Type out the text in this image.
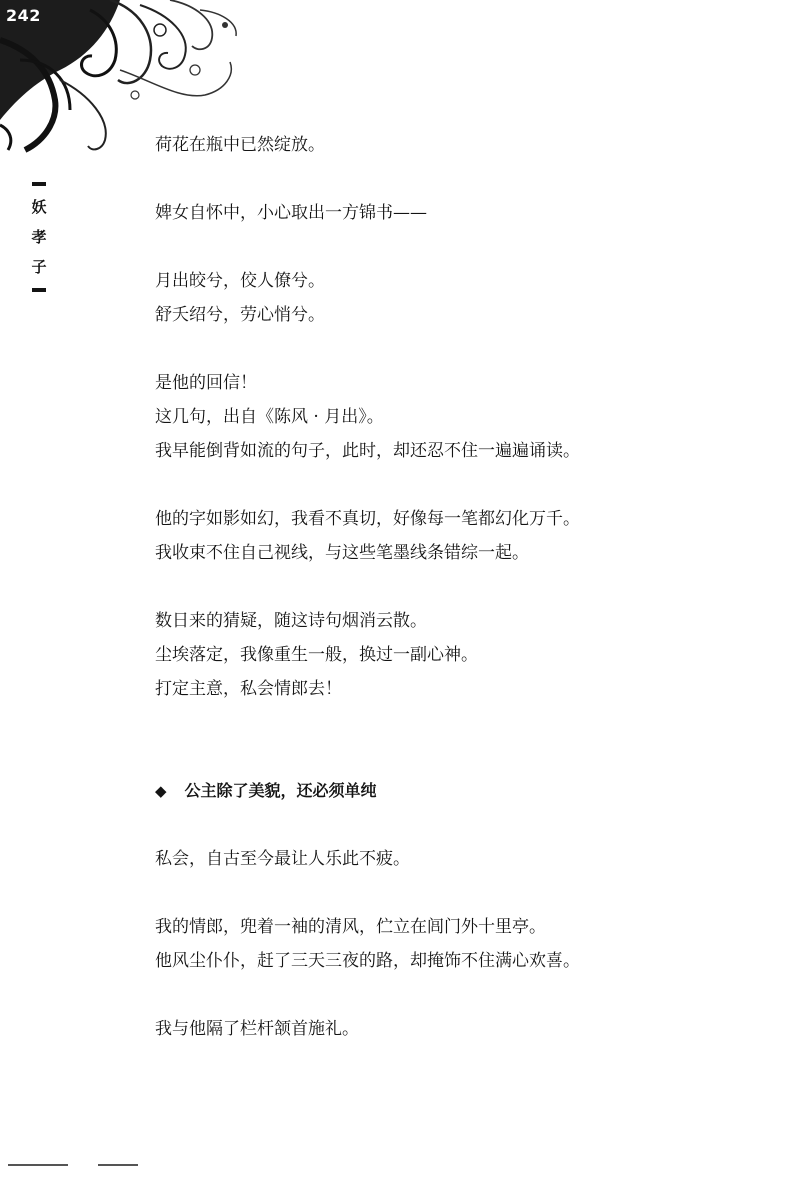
242
妖
孝
子

荷花在瓶中已然绽放。

婢女自怀中，小心取出一方锦书——

月出皎兮，佼人僚兮。

舒夭绍兮，劳心悄兮。

是他的回信！

这几句，出自《陈风 · 月出》。

我早能倒背如流的句子，此时，却还忍不住一遍遍诵读。

他的字如影如幻，我看不真切，好像每一笔都幻化万千。

我收束不住自己视线，与这些笔墨线条错综一起。

数日来的猜疑，随这诗句烟消云散。

尘埃落定，我像重生一般，换过一副心神。

打定主意，私会情郎去！

◆ 公主除了美貌，还必须单纯

私会，自古至今最让人乐此不疲。

我的情郎，兜着一袖的清风，伫立在闾门外十里亭。

他风尘仆仆，赶了三天三夜的路，却掩饰不住满心欢喜。

我与他隔了栏杆颔首施礼。
